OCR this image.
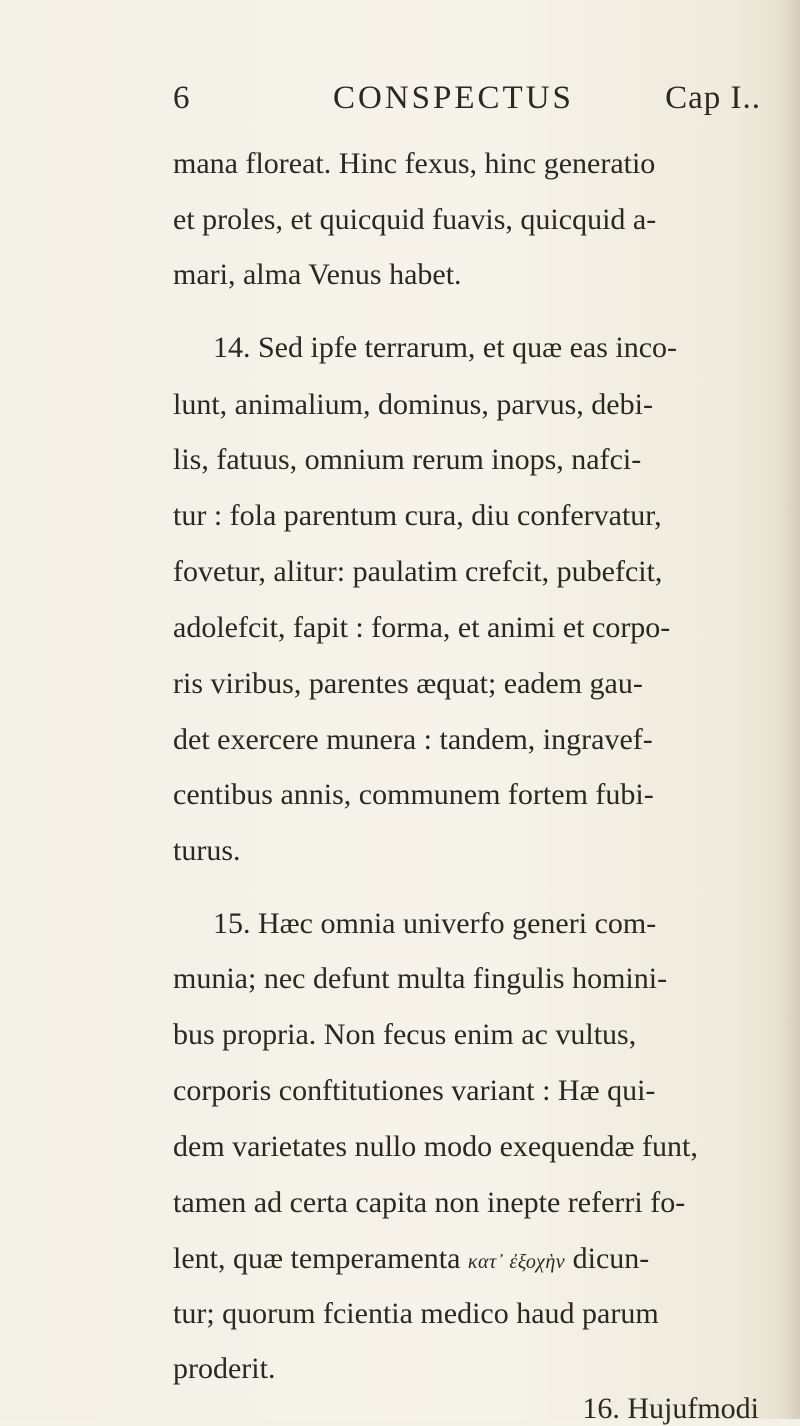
6	CONSPECTUS	Cap I..
mana floreat. Hinc fexus, hinc generatio
et proles, et quicquid fuavis, quicquid a-
mari, alma Venus habet.
14. Sed ipfe terrarum, et quæ eas inco-
lunt, animalium, dominus, parvus, debi-
lis, fatuus, omnium rerum inops, nafci-
tur : fola parentum cura, diu confervatur,
fovetur, alitur: paulatim crefcit, pubefcit,
adolefcit, fapit : forma, et animi et corpo-
ris viribus, parentes æquat; eadem gau-
det exercere munera : tandem, ingravef-
centibus annis, communem fortem fubi-
turus.
15. Hæc omnia univerfo generi com-
munia; nec defunt multa fingulis homini-
bus propria. Non fecus enim ac vultus,
corporis conftitutiones variant : Hæ qui-
dem varietates nullo modo exequendæ funt,
tamen ad certa capita non inepte referri fo-
lent, quæ temperamenta κατ᾽ ἐξοχὴν dicun-
tur; quorum fcientia medico haud parum
proderit.
16. Hujufmodi
